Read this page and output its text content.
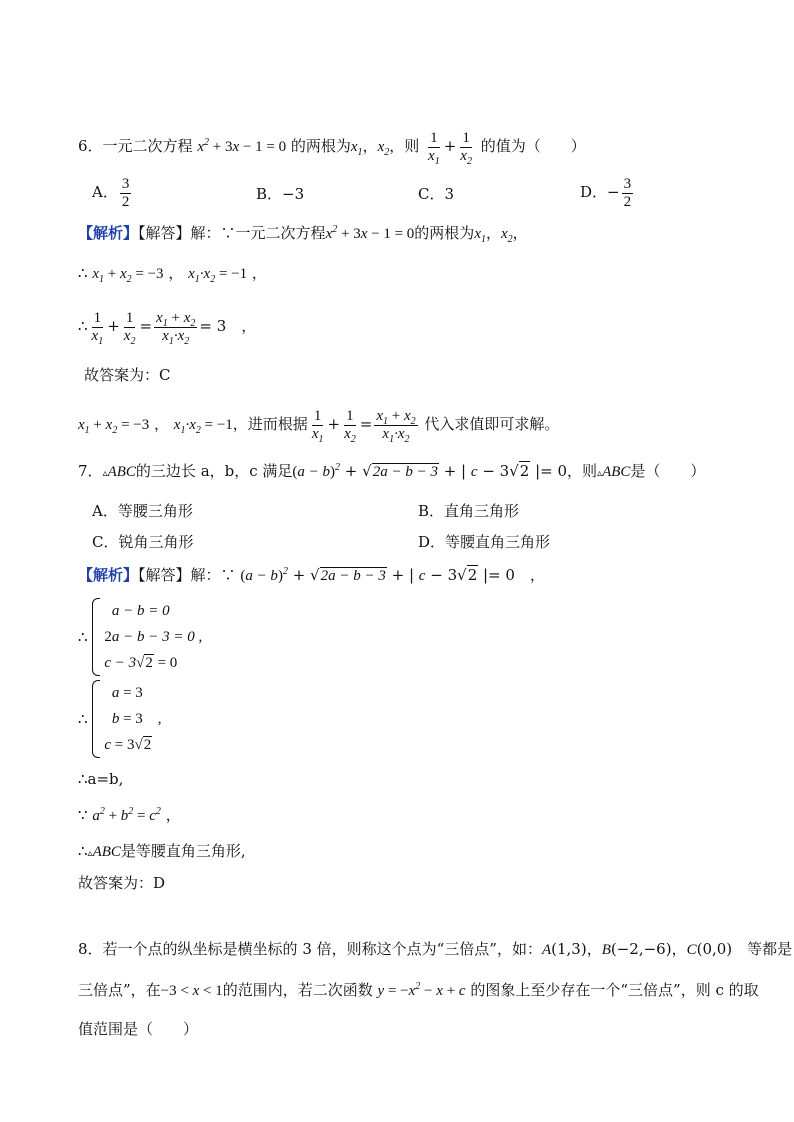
6．一元二次方程 $x^2 + 3x - 1 = 0$ 的两根为$x_1$，$x_2$，则 $\frac{1}{x_1} + \frac{1}{x_2}$ 的值为（　　）
A． $\frac{3}{2}$	B．−3	C．3	D．− $\frac{3}{2}$
【解析】【解答】解：∵一元二次方程$x^2 + 3x - 1 = 0$的两根为$x_1$，$x_2$，
∴ $x_1 + x_2 = -3$ ， $x_1\cdot x_2 = -1$ ，
∴ $\frac{1}{x_1} + \frac{1}{x_2} = \frac{x_1 + x_2}{x_1\cdot x_2} = 3$　，
故答案为：C
$x_1 + x_2 = -3$ ， $x_1\cdot x_2 = -1$，进而根据 $\frac{1}{x_1} + \frac{1}{x_2} = \frac{x_1 + x_2}{x_1\cdot x_2}$ 代入求值即可求解。
7．▵ABC的三边长 a，b，c 满足$(a - b)^2 + √2a - b - 3$ + | c − 3√2 |= 0，则▵ABC是（　　）
A．等腰三角形	B．直角三角形
C．锐角三角形	D．等腰直角三角形
【解析】【解答】解：∵ $(a - b)^2 + √2a - b - 3$ + | c − 3√2 |= 0　，
∴
a − b = 0
2a − b − 3 = 0 ,
c − 3√2 = 0
∴
a = 3
b = 3　,
c = 3√2
∴a=b,
∵ $a^2 + b^2 = c^2$ ，
∴▵ABC是等腰直角三角形,
故答案为：D
8．若一个点的纵坐标是横坐标的 3 倍，则称这个点为“三倍点”，如：A(1,3)，B(−2,−6)，C(0,0)　等都是
三倍点”，在−3 < x < 1的范围内，若二次函数 $y = -x^2 - x + c$ 的图象上至少存在一个“三倍点”，则 c 的取
值范围是（　　）
